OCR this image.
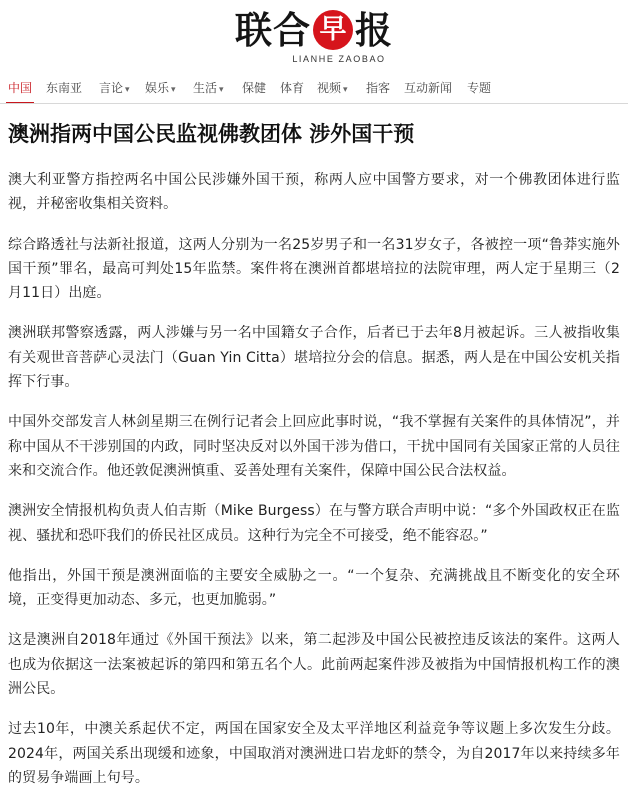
联合 早 报
LIANHE ZAOBAO
中国 东南亚 言论 ▾ 娱乐 ▾ 生活 ▾ 保健 体育 视频 ▾ 指客 互动新闻 专题
澳洲指两中国公民监视佛教团体 涉外国干预

澳大利亚警方指控两名中国公民涉嫌外国干预，称两人应中国警方要求，对一个佛教团体进行监视，并秘密收集相关资料。

综合路透社与法新社报道，这两人分别为一名25岁男子和一名31岁女子，各被控一项“鲁莽实施外国干预”罪名，最高可判处15年监禁。案件将在澳洲首都堪培拉的法院审理，两人定于星期三（2月11日）出庭。

澳洲联邦警察透露，两人涉嫌与另一名中国籍女子合作，后者已于去年8月被起诉。三人被指收集有关观世音菩萨心灵法门（Guan Yin Citta）堪培拉分会的信息。据悉，两人是在中国公安机关指挥下行事。

中国外交部发言人林剑星期三在例行记者会上回应此事时说，“我不掌握有关案件的具体情况”，并称中国从不干涉别国的内政，同时坚决反对以外国干涉为借口，干扰中国同有关国家正常的人员往来和交流合作。他还敦促澳洲慎重、妥善处理有关案件，保障中国公民合法权益。

澳洲安全情报机构负责人伯吉斯（Mike Burgess）在与警方联合声明中说：“多个外国政权正在监视、骚扰和恐吓我们的侨民社区成员。这种行为完全不可接受，绝不能容忍。”

他指出，外国干预是澳洲面临的主要安全威胁之一。“一个复杂、充满挑战且不断变化的安全环境，正变得更加动态、多元，也更加脆弱。”

这是澳洲自2018年通过《外国干预法》以来，第二起涉及中国公民被控违反该法的案件。这两人也成为依据这一法案被起诉的第四和第五名个人。此前两起案件涉及被指为中国情报机构工作的澳洲公民。

过去10年，中澳关系起伏不定，两国在国家安全及太平洋地区利益竞争等议题上多次发生分歧。2024年，两国关系出现缓和迹象，中国取消对澳洲进口岩龙虾的禁令，为自2017年以来持续多年的贸易争端画上句号。
